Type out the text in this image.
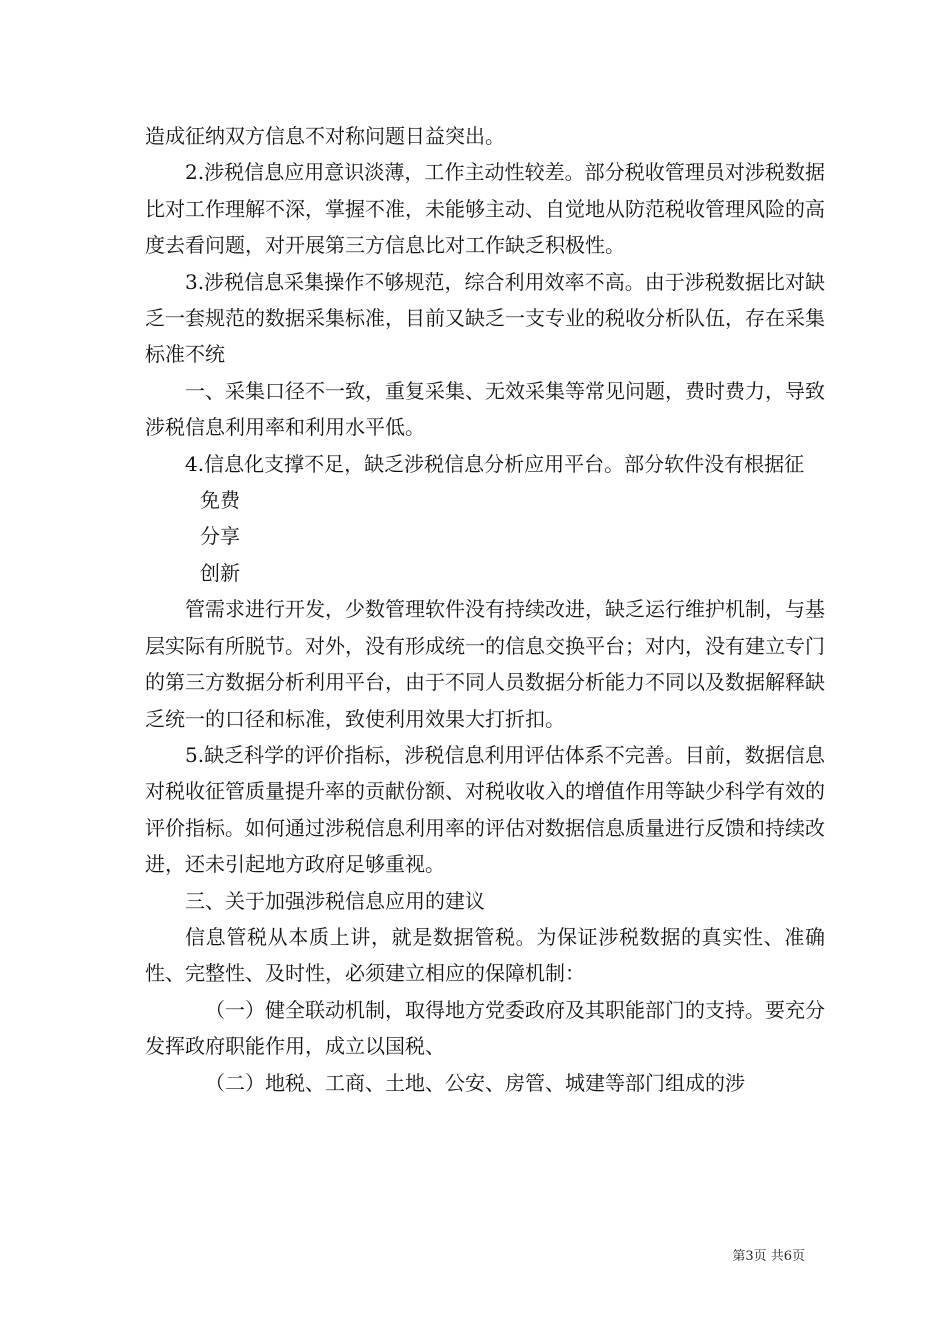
造成征纳双方信息不对称问题日益突出。

2.涉税信息应用意识淡薄，工作主动性较差。部分税收管理员对涉税数据比对工作理解不深，掌握不准，未能够主动、自觉地从防范税收管理风险的高度去看问题，对开展第三方信息比对工作缺乏积极性。

3.涉税信息采集操作不够规范，综合利用效率不高。由于涉税数据比对缺乏一套规范的数据采集标准，目前又缺乏一支专业的税收分析队伍，存在采集标准不统

一、采集口径不一致，重复采集、无效采集等常见问题，费时费力，导致涉税信息利用率和利用水平低。

4.信息化支撑不足，缺乏涉税信息分析应用平台。部分软件没有根据征

免费

分享

创新

管需求进行开发，少数管理软件没有持续改进，缺乏运行维护机制，与基层实际有所脱节。对外，没有形成统一的信息交换平台；对内，没有建立专门的第三方数据分析利用平台，由于不同人员数据分析能力不同以及数据解释缺乏统一的口径和标准，致使利用效果大打折扣。

5.缺乏科学的评价指标，涉税信息利用评估体系不完善。目前，数据信息对税收征管质量提升率的贡献份额、对税收收入的增值作用等缺少科学有效的评价指标。如何通过涉税信息利用率的评估对数据信息质量进行反馈和持续改进，还未引起地方政府足够重视。

三、关于加强涉税信息应用的建议

信息管税从本质上讲，就是数据管税。为保证涉税数据的真实性、准确性、完整性、及时性，必须建立相应的保障机制：

（一）健全联动机制，取得地方党委政府及其职能部门的支持。要充分发挥政府职能作用，成立以国税、

（二）地税、工商、土地、公安、房管、城建等部门组成的涉

第3页 共6页
